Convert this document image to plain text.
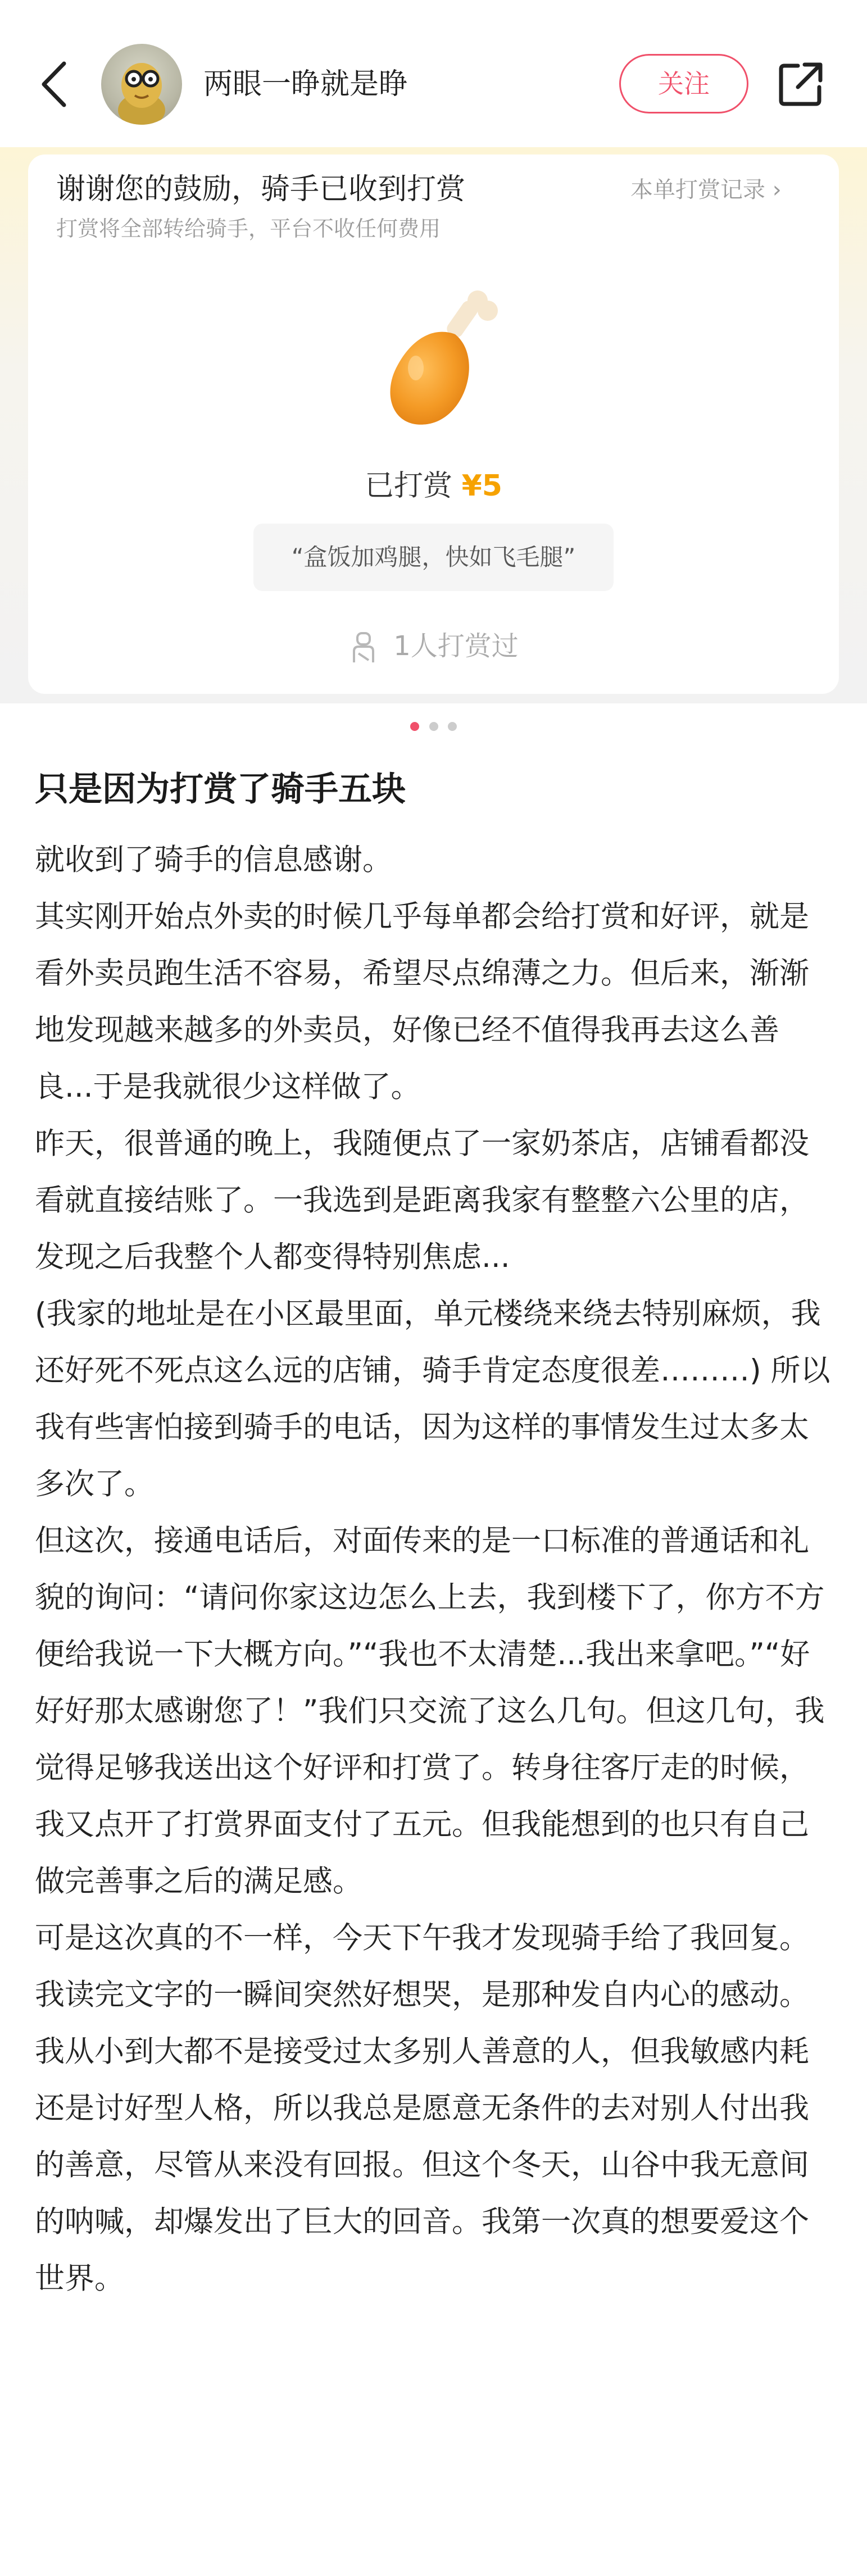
两眼一睁就是睁	关注
谢谢您的鼓励，骑手已收到打赏
打赏将全部转给骑手，平台不收任何费用
本单打赏记录 ›
已打赏 ¥5
“盒饭加鸡腿，快如飞毛腿”
1人打赏过

只是因为打赏了骑手五块

就收到了骑手的信息感谢。

其实刚开始点外卖的时候几乎每单都会给打赏和好评，就是看外卖员跑生活不容易，希望尽点绵薄之力。但后来，渐渐地发现越来越多的外卖员，好像已经不值得我再去这么善良...于是我就很少这样做了。

昨天，很普通的晚上，我随便点了一家奶茶店，店铺看都没看就直接结账了。一我选到是距离我家有整整六公里的店，发现之后我整个人都变得特别焦虑...

(我家的地址是在小区最里面，单元楼绕来绕去特别麻烦，我还好死不死点这么远的店铺，骑手肯定态度很差………) 所以我有些害怕接到骑手的电话，因为这样的事情发生过太多太多次了。

但这次，接通电话后，对面传来的是一口标准的普通话和礼貌的询问：“请问你家这边怎么上去，我到楼下了，你方不方便给我说一下大概方向。”“我也不太清楚...我出来拿吧。”“好好好那太感谢您了！”我们只交流了这么几句。但这几句，我觉得足够我送出这个好评和打赏了。转身往客厅走的时候，我又点开了打赏界面支付了五元。但我能想到的也只有自己做完善事之后的满足感。

可是这次真的不一样，今天下午我才发现骑手给了我回复。我读完文字的一瞬间突然好想哭，是那种发自内心的感动。

我从小到大都不是接受过太多别人善意的人，但我敏感内耗还是讨好型人格，所以我总是愿意无条件的去对别人付出我的善意，尽管从来没有回报。但这个冬天，山谷中我无意间的呐喊，却爆发出了巨大的回音。我第一次真的想要爱这个世界。
